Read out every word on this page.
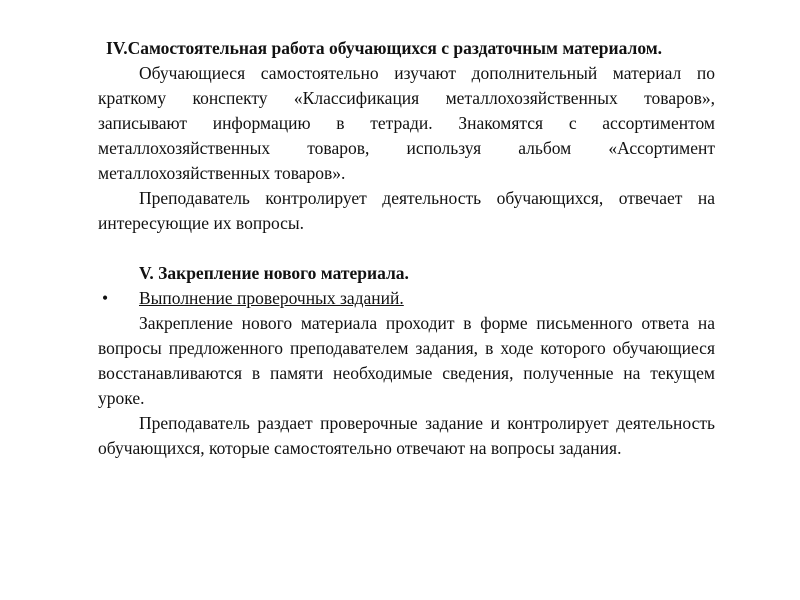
IV.Самостоятельная работа обучающихся с раздаточным материалом.

Обучающиеся самостоятельно изучают дополнительный материал по краткому конспекту «Классификация металлохозяйственных товаров», записывают информацию в тетради. Знакомятся с ассортиментом металлохозяйственных товаров, используя альбом «Ассортимент металлохозяйственных товаров».

Преподаватель контролирует деятельность обучающихся, отвечает на интересующие их вопросы.

V. Закрепление нового материала.

•	Выполнение проверочных заданий.

Закрепление нового материала проходит в форме письменного ответа на вопросы предложенного преподавателем задания, в ходе которого обучающиеся восстанавливаются в памяти необходимые сведения, полученные на текущем уроке.

Преподаватель раздает проверочные задание и контролирует деятельность обучающихся, которые самостоятельно отвечают на вопросы задания.
